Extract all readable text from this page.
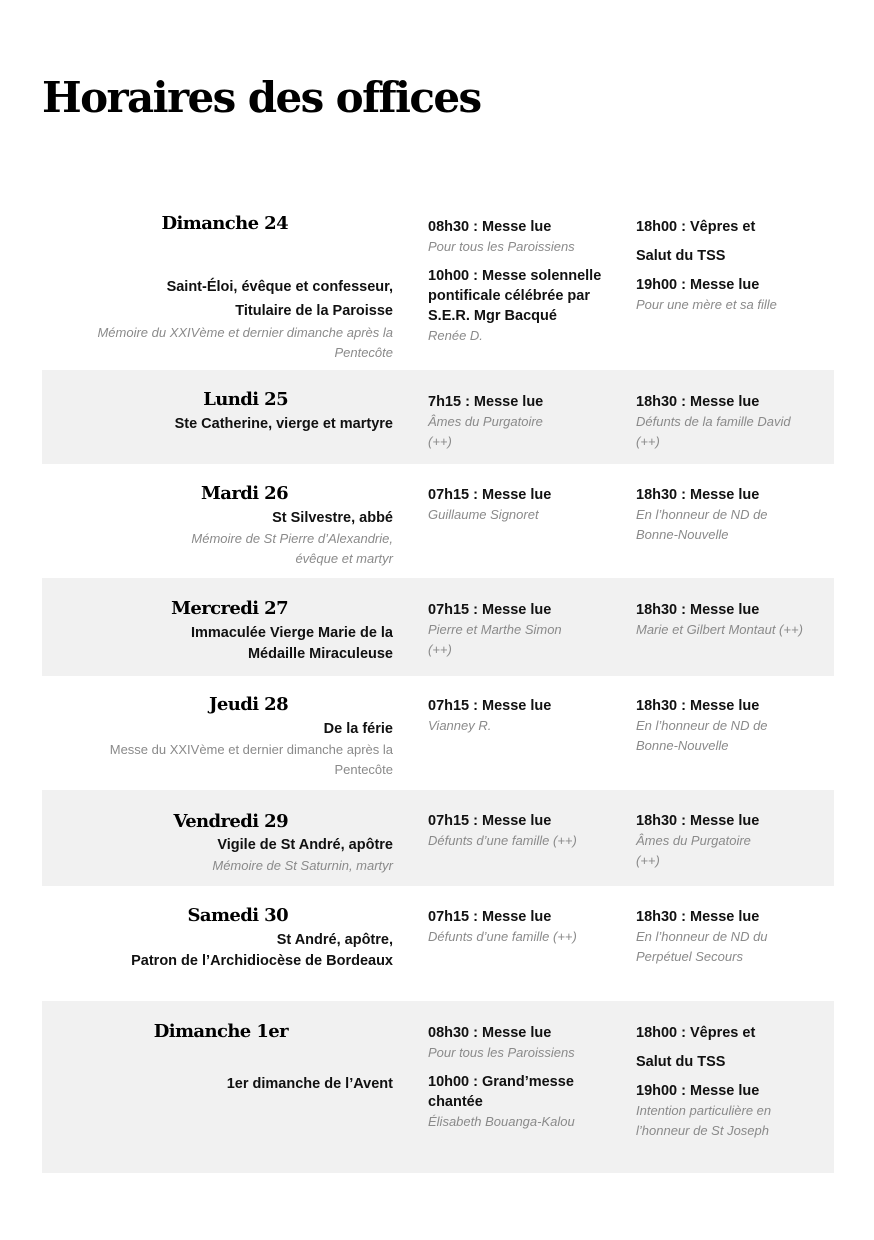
Horaires des offices
Dimanche 24
Saint-Éloi, évêque et confesseur,
Titulaire de la Paroisse
Mémoire du XXIVème et dernier dimanche après la Pentecôte
08h30 : Messe lue
Pour tous les Paroissiens
10h00 : Messe solennelle pontificale célébrée par S.E.R. Mgr Bacqué
Renée D.
18h00 : Vêpres et Salut du TSS
19h00 : Messe lue
Pour une mère et sa fille
Lundi 25
Ste Catherine, vierge et martyre
7h15 : Messe lue
Âmes du Purgatoire (++)
18h30 : Messe lue
Défunts de la famille David (++)
Mardi 26
St Silvestre, abbé
Mémoire de St Pierre d’Alexandrie, évêque et martyr
07h15 : Messe lue
Guillaume Signoret
18h30 : Messe lue
En l’honneur de ND de Bonne-Nouvelle
Mercredi 27
Immaculée Vierge Marie de la
Médaille Miraculeuse
07h15 : Messe lue
Pierre et Marthe Simon (++)
18h30 : Messe lue
Marie et Gilbert Montaut (++)
Jeudi 28
De la férie
Messe du XXIVème et dernier dimanche après la Pentecôte
07h15 : Messe lue
Vianney R.
18h30 : Messe lue
En l’honneur de ND de Bonne-Nouvelle
Vendredi 29
Vigile de St André, apôtre
Mémoire de St Saturnin, martyr
07h15 : Messe lue
Défunts d’une famille (++)
18h30 : Messe lue
Âmes du Purgatoire (++)
Samedi 30
St André, apôtre,
Patron de l’Archidiocèse de Bordeaux
07h15 : Messe lue
Défunts d’une famille (++)
18h30 : Messe lue
En l’honneur de ND du Perpétuel Secours
Dimanche 1er
1er dimanche de l’Avent
08h30 : Messe lue
Pour tous les Paroissiens
10h00 : Grand’messe chantée
Élisabeth Bouanga-Kalou
18h00 : Vêpres et Salut du TSS
19h00 : Messe lue
Intention particulière en l’honneur de St Joseph
